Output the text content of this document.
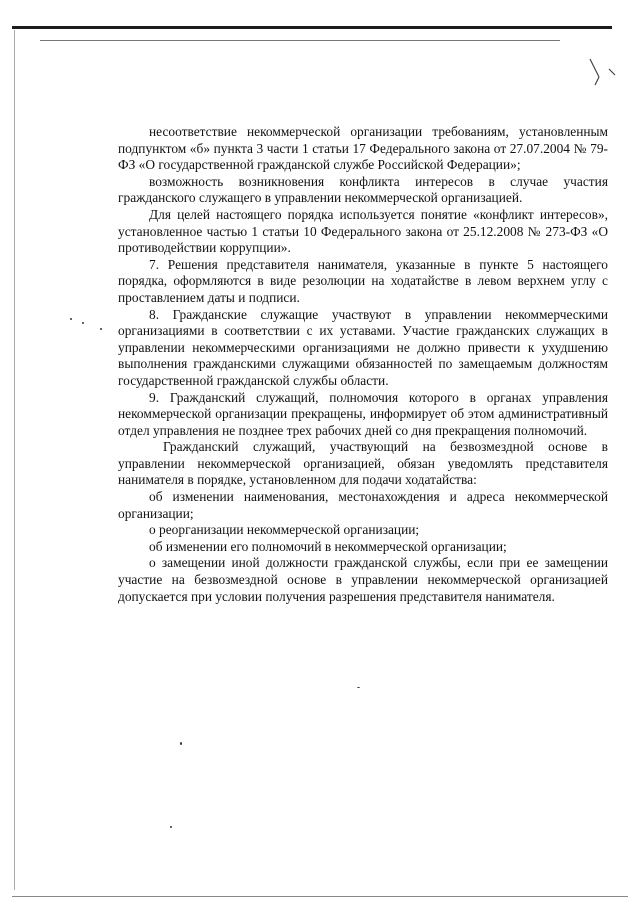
несоответствие некоммерческой организации требованиям, установленным подпунктом «б» пункта 3 части 1 статьи 17 Федерального закона от 27.07.2004 № 79-ФЗ «О государственной гражданской службе Российской Федерации»;

возможность возникновения конфликта интересов в случае участия гражданского служащего в управлении некоммерческой организацией.

Для целей настоящего порядка используется понятие «конфликт интересов», установленное частью 1 статьи 10 Федерального закона от 25.12.2008 № 273-ФЗ «О противодействии коррупции».

7. Решения представителя нанимателя, указанные в пункте 5 настоящего порядка, оформляются в виде резолюции на ходатайстве в левом верхнем углу с проставлением даты и подписи.

8. Гражданские служащие участвуют в управлении некоммерческими организациями в соответствии с их уставами. Участие гражданских служащих в управлении некоммерческими организациями не должно привести к ухудшению выполнения гражданскими служащими обязанностей по замещаемым должностям государственной гражданской службы области.

9. Гражданский служащий, полномочия которого в органах управления некоммерческой организации прекращены, информирует об этом административный отдел управления не позднее трех рабочих дней со дня прекращения полномочий.

Гражданский служащий, участвующий на безвозмездной основе в управлении некоммерческой организацией, обязан уведомлять представителя нанимателя в порядке, установленном для подачи ходатайства:

об изменении наименования, местонахождения и адреса некоммерческой организации;

о реорганизации некоммерческой организации;

об изменении его полномочий в некоммерческой организации;

о замещении иной должности гражданской службы, если при ее замещении участие на безвозмездной основе в управлении некоммерческой организацией допускается при условии получения разрешения представителя нанимателя.
